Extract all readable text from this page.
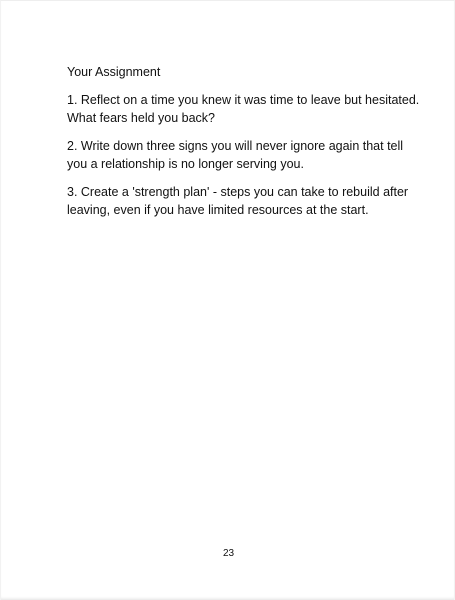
Your Assignment
1. Reflect on a time you knew it was time to leave but hesitated.
What fears held you back?
2. Write down three signs you will never ignore again that tell
you a relationship is no longer serving you.
3. Create a 'strength plan' - steps you can take to rebuild after
leaving, even if you have limited resources at the start.
23
